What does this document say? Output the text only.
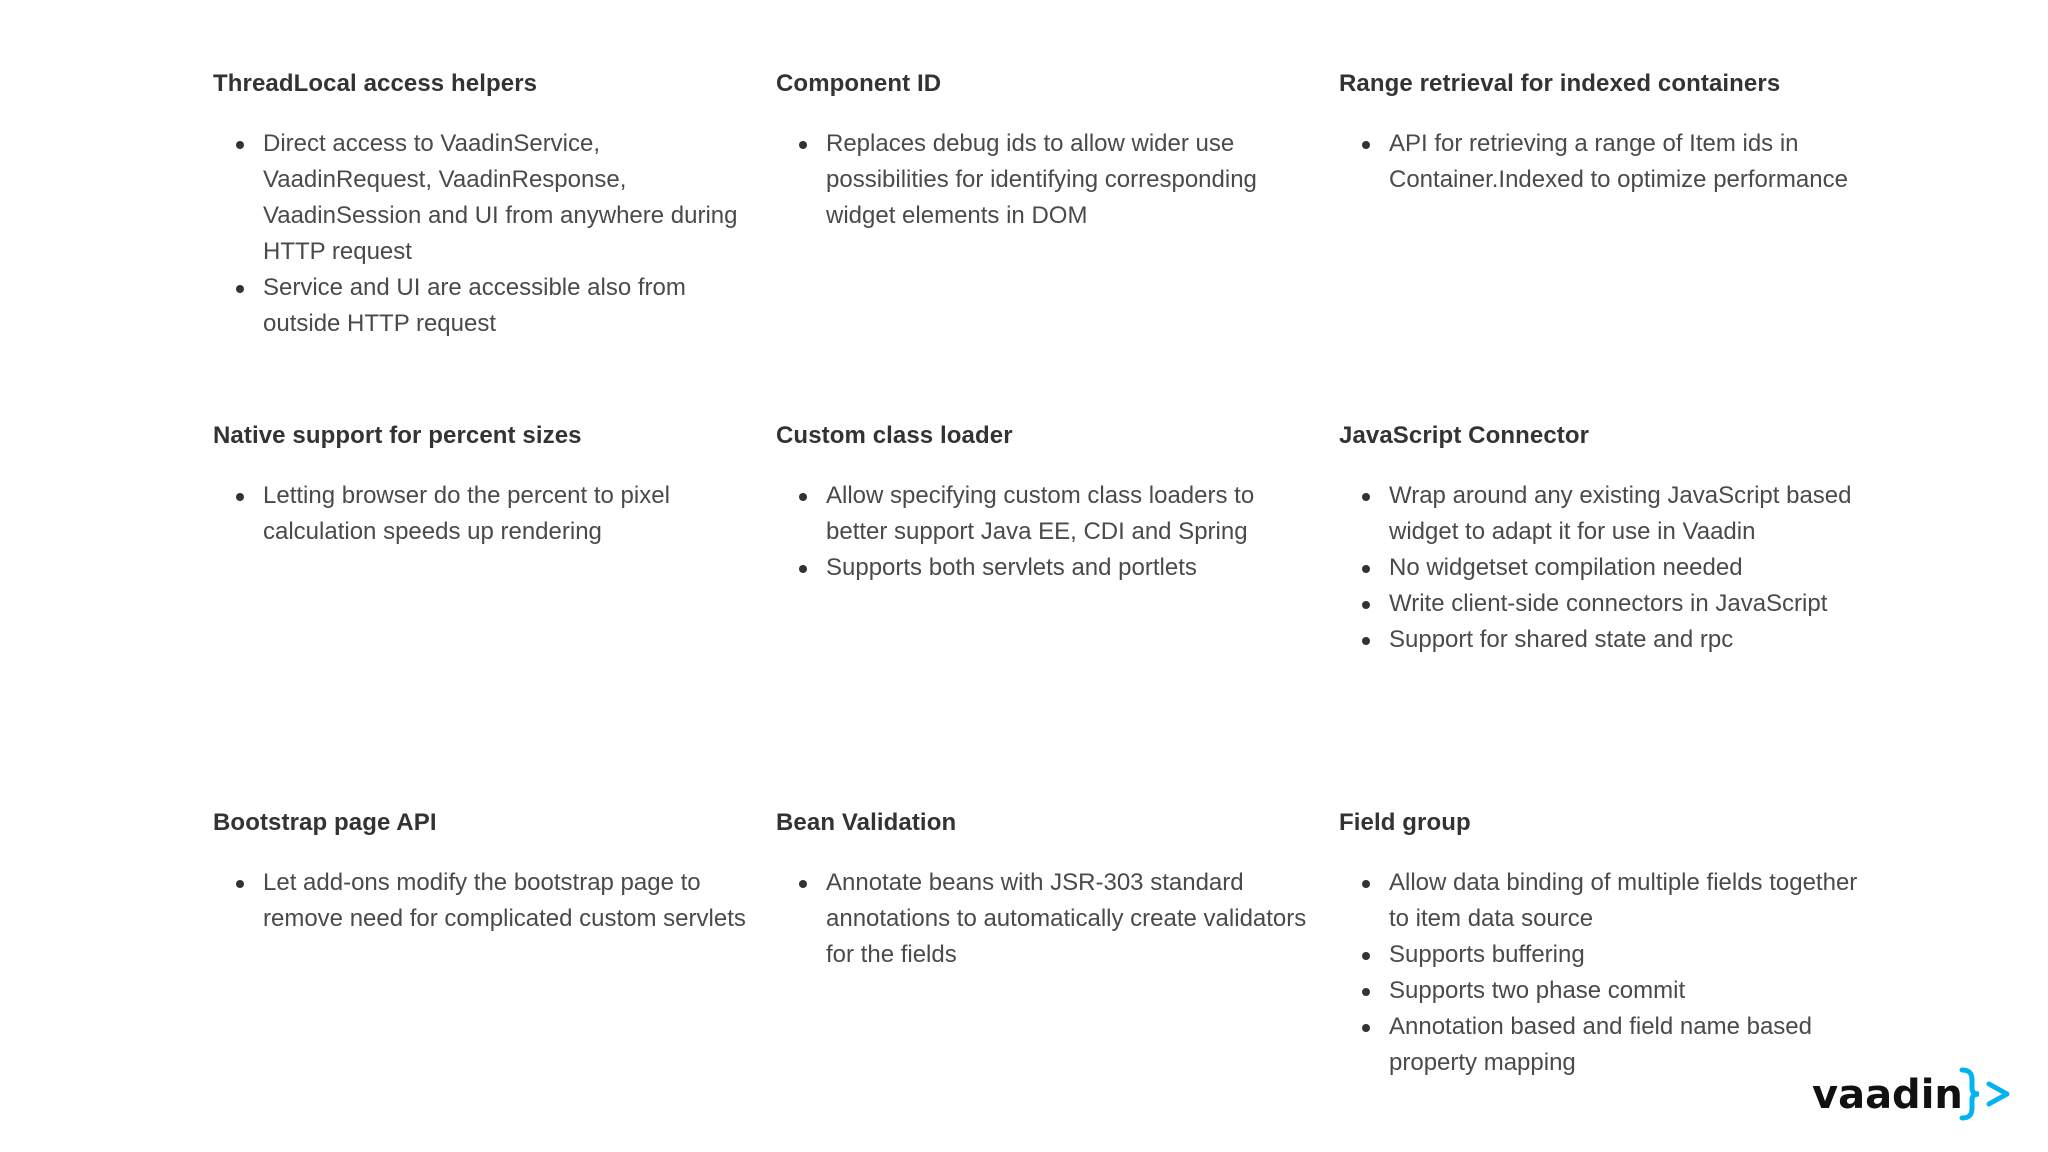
ThreadLocal access helpers
Direct access to VaadinService, VaadinRequest, VaadinResponse, VaadinSession and UI from anywhere during HTTP request
Service and UI are accessible also from outside HTTP request
Component ID
Replaces debug ids to allow wider use possibilities for identifying corresponding widget elements in DOM
Range retrieval for indexed containers
API for retrieving a range of Item ids in Container.Indexed to optimize performance
Native support for percent sizes
Letting browser do the percent to pixel calculation speeds up rendering
Custom class loader
Allow specifying custom class loaders to better support Java EE, CDI and Spring
Supports both servlets and portlets
JavaScript Connector
Wrap around any existing JavaScript based widget to adapt it for use in Vaadin
No widgetset compilation needed
Write client-side connectors in JavaScript
Support for shared state and rpc
Bootstrap page API
Let add-ons modify the bootstrap page to remove need for complicated custom servlets
Bean Validation
Annotate beans with JSR-303 standard annotations to automatically create validators for the fields
Field group
Allow data binding of multiple fields together to item data source
Supports buffering
Supports two phase commit
Annotation based and field name based property mapping
vaadin
